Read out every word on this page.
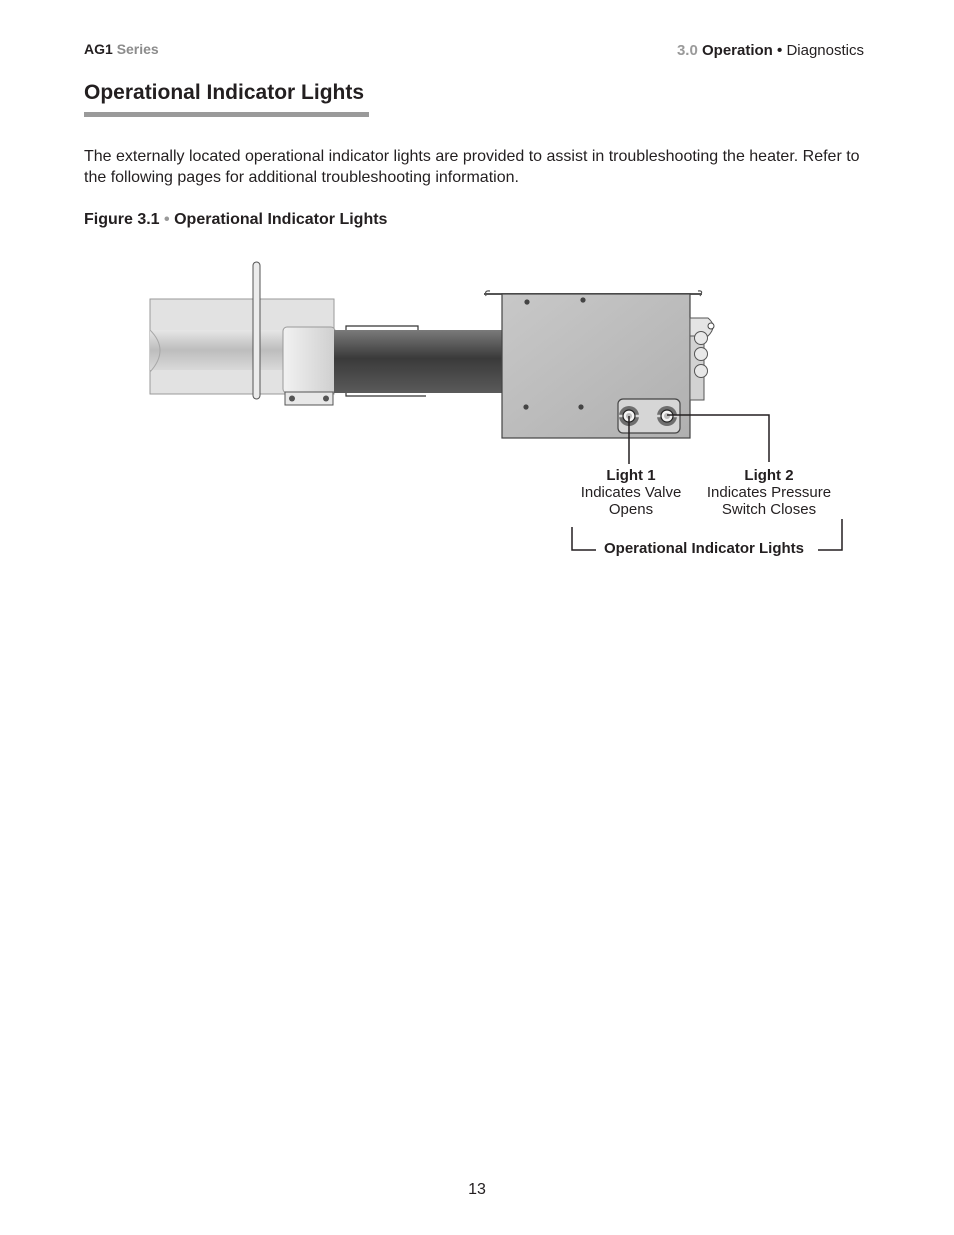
AG1 Series	3.0 Operation • Diagnostics
Operational Indicator Lights

The externally located operational indicator lights are provided to assist in troubleshooting the heater. Refer to the following pages for additional troubleshooting information.

Figure 3.1 • Operational Indicator Lights
Light 1
Indicates Valve
Opens
Light 2
Indicates Pressure
Switch Closes
Operational Indicator Lights
13
